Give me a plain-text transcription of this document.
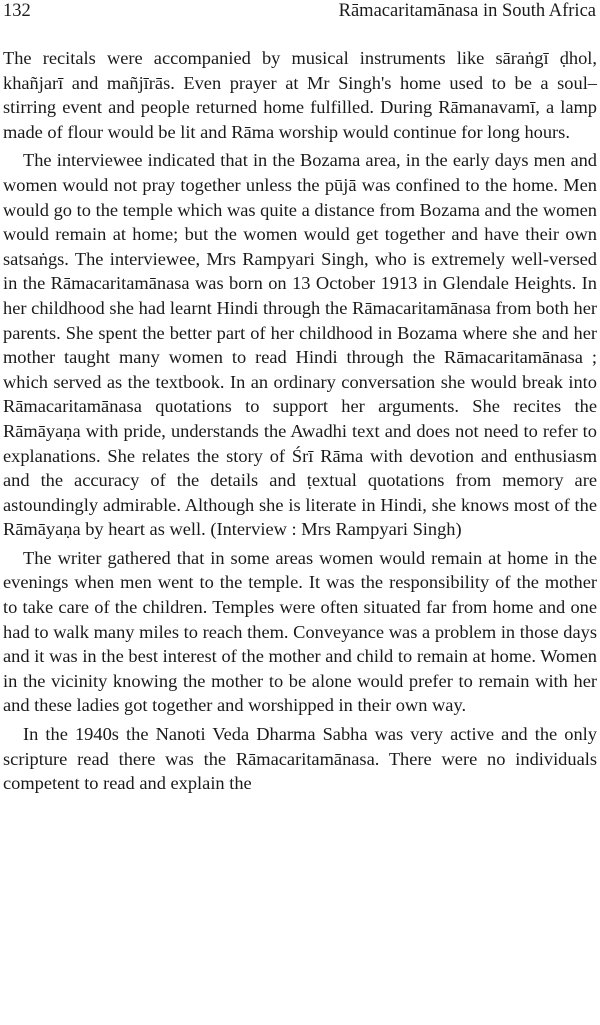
132	Rāmacaritamānasa in South Africa

The recitals were accompanied by musical instruments like sāraṅgī ḍhol, khañjarī and mañjīrās. Even prayer at Mr Singh's home used to be a soul–stirring event and people returned home fulfilled. During Rāmanavamī, a lamp made of flour would be lit and Rāma worship would continue for long hours.

The interviewee indicated that in the Bozama area, in the early days men and women would not pray together unless the pūjā was confined to the home. Men would go to the temple which was quite a distance from Bozama and the women would remain at home; but the women would get together and have their own satsaṅgs. The interviewee, Mrs Rampyari Singh, who is extremely well-versed in the Rāmacaritamānasa was born on 13 October 1913 in Glendale Heights. In her childhood she had learnt Hindi through the Rāmacaritamānasa from both her parents. She spent the better part of her childhood in Bozama where she and her mother taught many women to read Hindi through the Rāmacaritamānasa ; which served as the textbook. In an ordinary conversation she would break into Rāmacaritamānasa quotations to support her arguments. She recites the Rāmāyaṇa with pride, understands the Awadhi text and does not need to refer to explanations. She relates the story of Śrī Rāma with devotion and enthusiasm and the accuracy of the details and ṭextual quotations from memory are astoundingly admirable. Although she is literate in Hindi, she knows most of the Rāmāyaṇa by heart as well. (Interview : Mrs Rampyari Singh)

The writer gathered that in some areas women would remain at home in the evenings when men went to the temple. It was the responsibility of the mother to take care of the children. Temples were often situated far from home and one had to walk many miles to reach them. Conveyance was a problem in those days and it was in the best interest of the mother and child to remain at home. Women in the vicinity knowing the mother to be alone would prefer to remain with her and these ladies got together and worshipped in their own way.

In the 1940s the Nanoti Veda Dharma Sabha was very active and the only scripture read there was the Rāmacaritamānasa. There were no individuals competent to read and explain the
